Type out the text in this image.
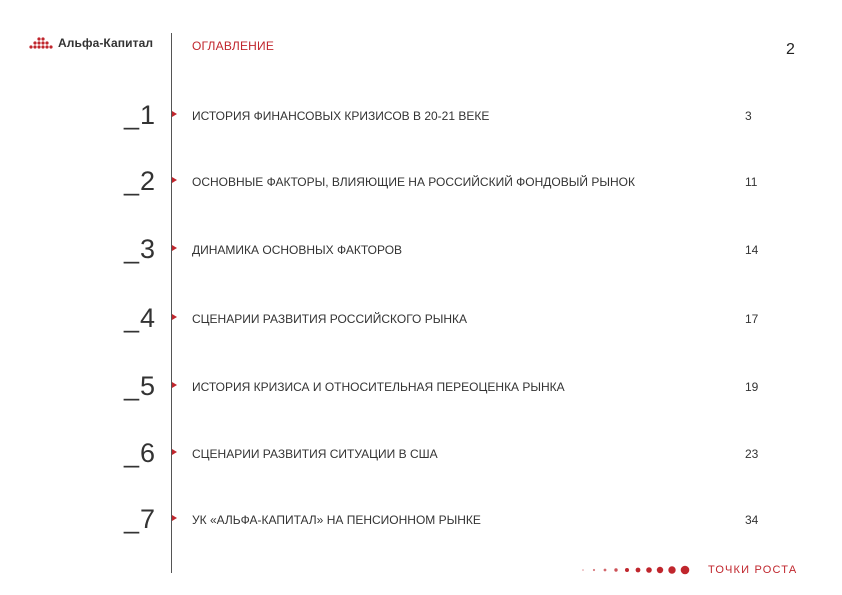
Альфа-Капитал	ОГЛАВЛЕНИЕ	2
_1	ИСТОРИЯ ФИНАНСОВЫХ КРИЗИСОВ В 20-21 ВЕКЕ	3
_2	ОСНОВНЫЕ ФАКТОРЫ, ВЛИЯЮЩИЕ НА РОССИЙСКИЙ ФОНДОВЫЙ РЫНОК	11
_3	ДИНАМИКА ОСНОВНЫХ ФАКТОРОВ	14
_4	СЦЕНАРИИ РАЗВИТИЯ РОССИЙСКОГО РЫНКА	17
_5	ИСТОРИЯ КРИЗИСА И ОТНОСИТЕЛЬНАЯ ПЕРЕОЦЕНКА РЫНКА	19
_6	СЦЕНАРИИ РАЗВИТИЯ СИТУАЦИИ В США	23
_7	УК «АЛЬФА-КАПИТАЛ» НА ПЕНСИОННОМ РЫНКЕ	34
ТОЧКИ РОСТА
